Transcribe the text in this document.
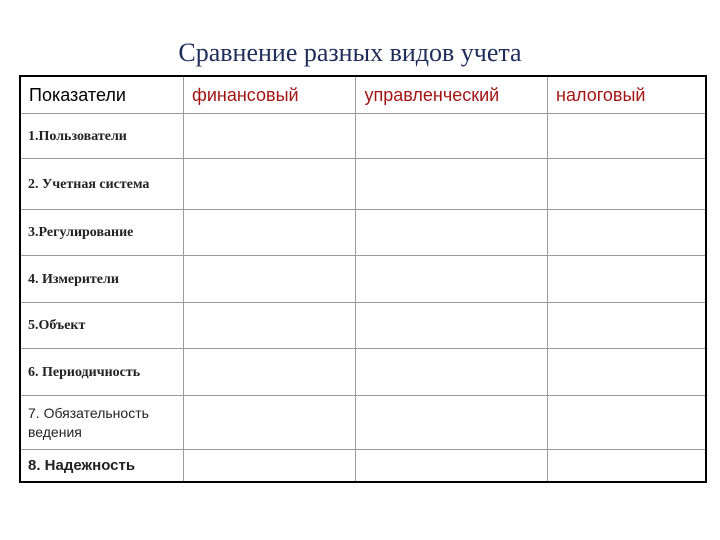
Сравнение разных видов учета
Показатели	финансовый	управленческий	налоговый
1.Пользователи			
2. Учетная система			
3.Регулирование			
4. Измерители			
5.Объект			
6. Периодичность			
7. Обязательность ведения			
8. Надежность			
